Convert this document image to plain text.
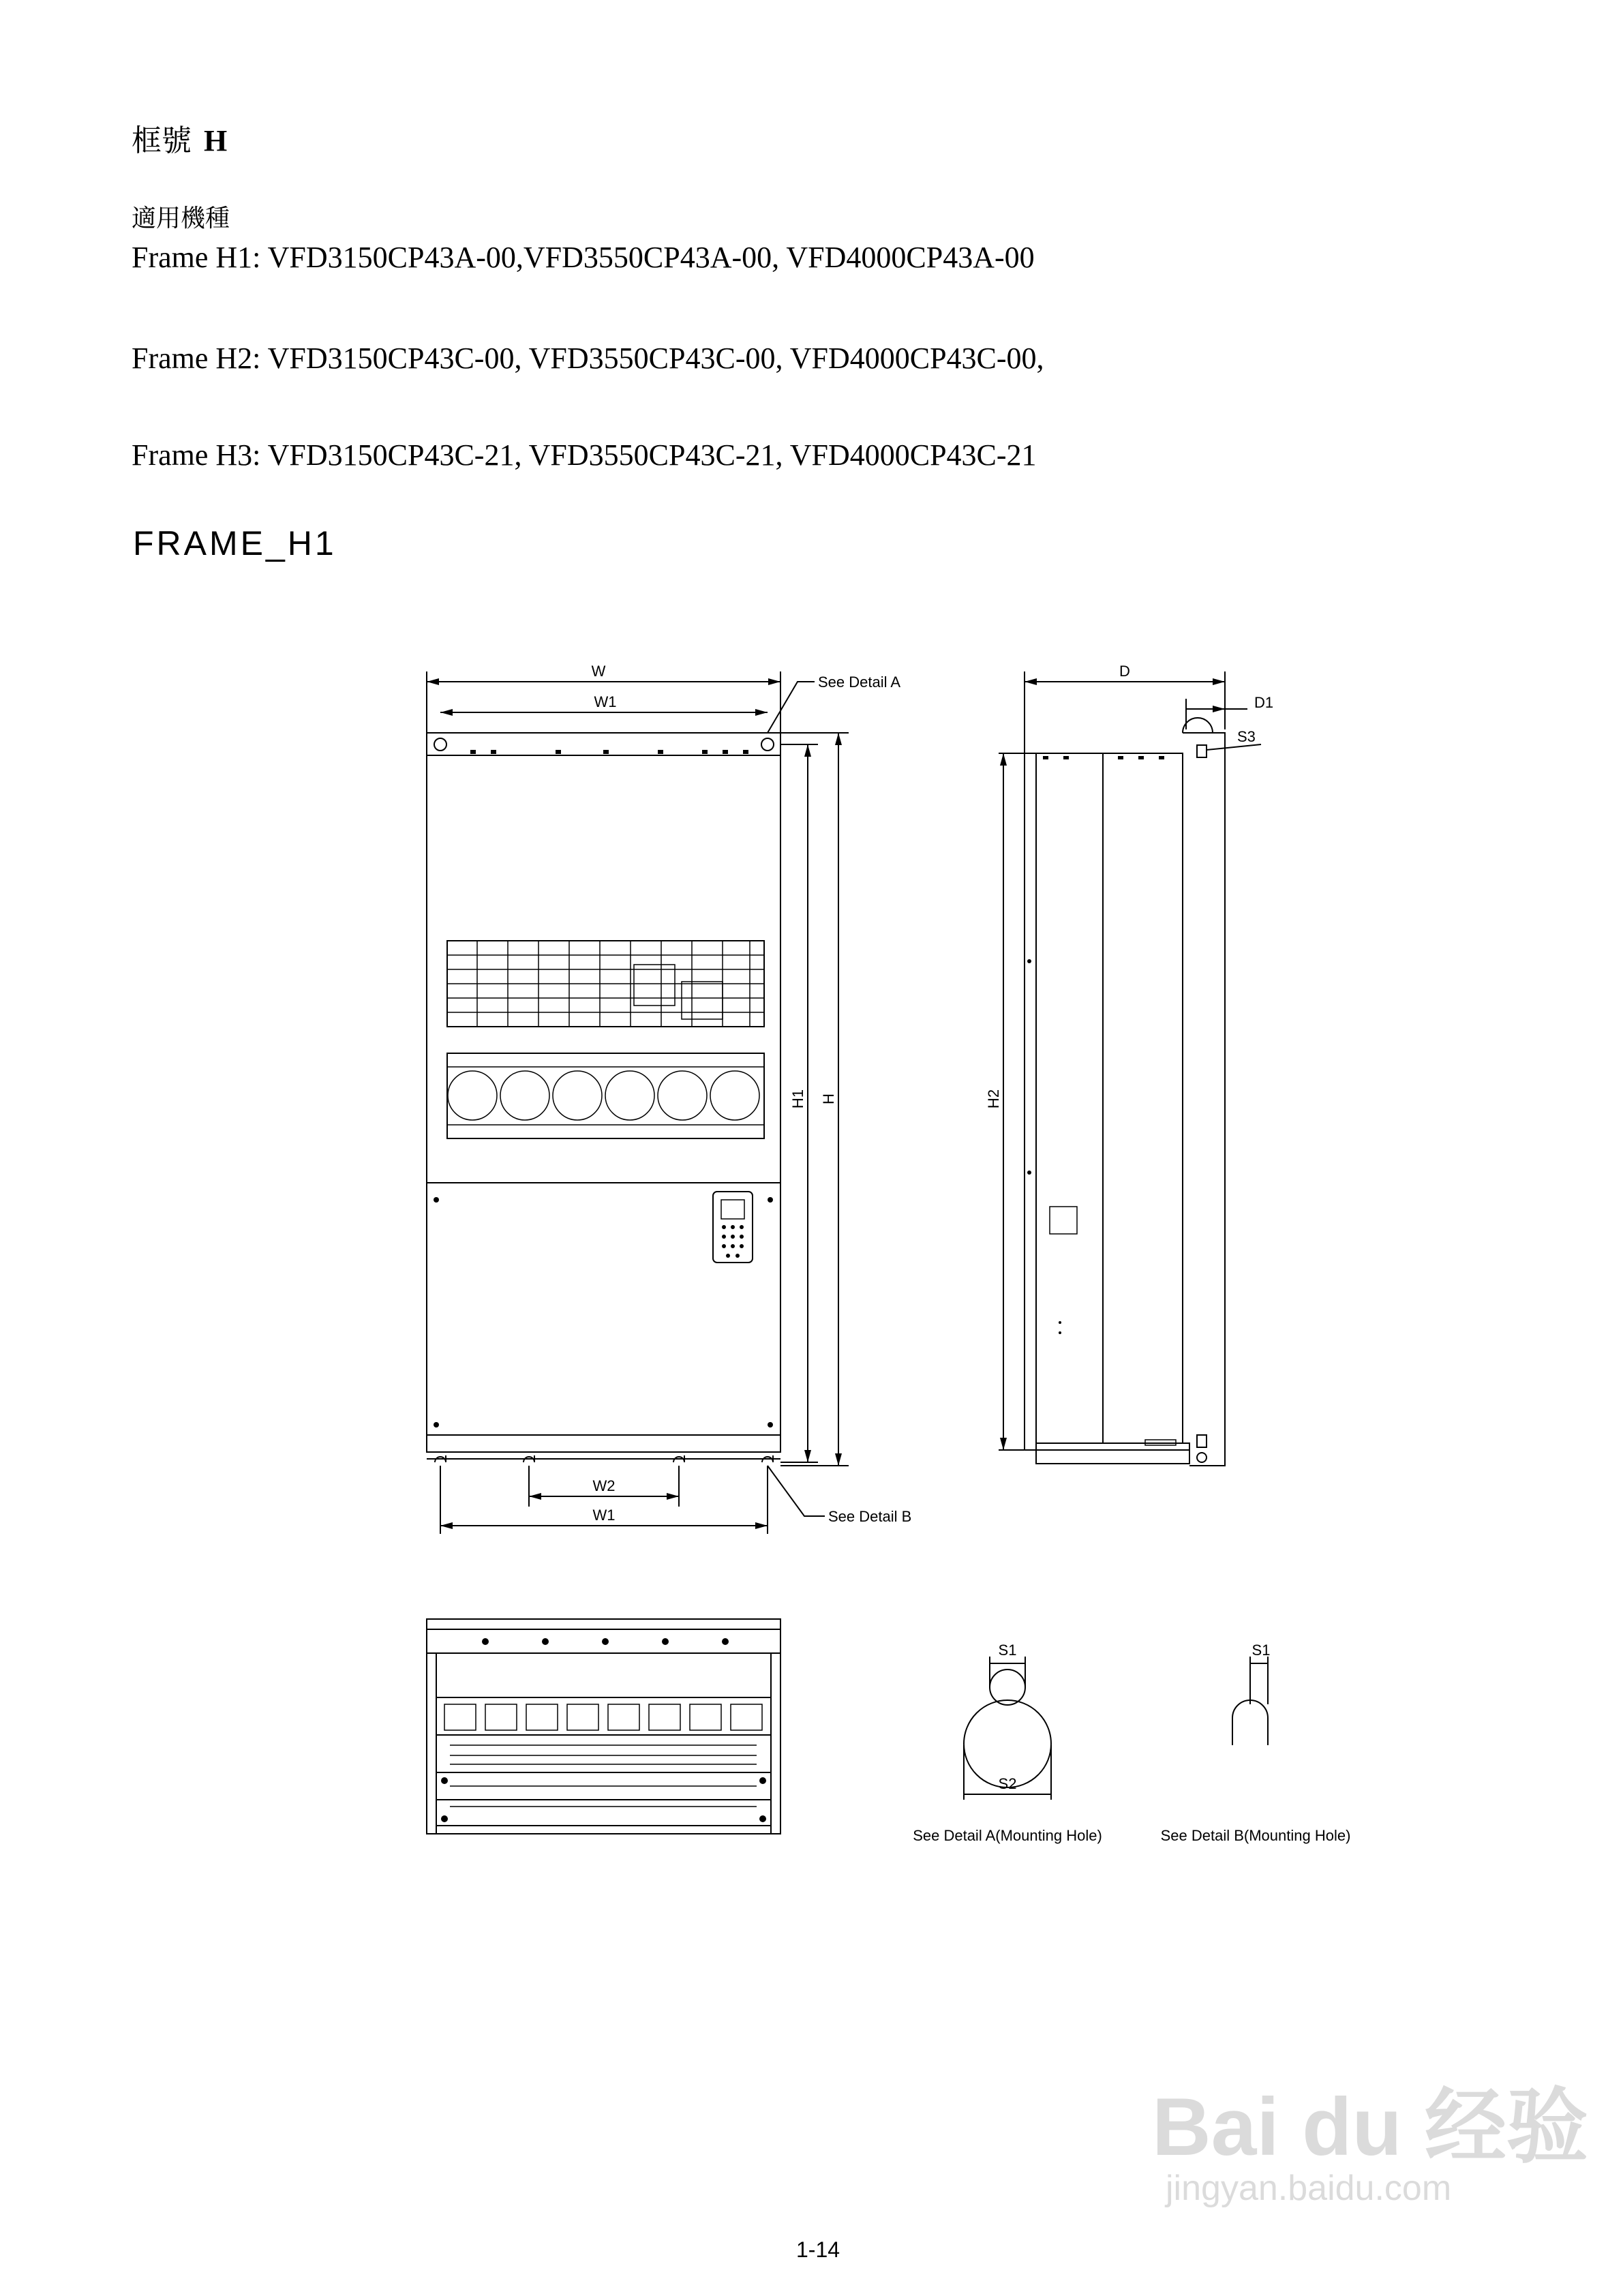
框號 H
適用機種
Frame H1: VFD3150CP43A-00,VFD3550CP43A-00, VFD4000CP43A-00
Frame H2: VFD3150CP43C-00, VFD3550CP43C-00, VFD4000CP43C-00,
Frame H3: VFD3150CP43C-21, VFD3550CP43C-21, VFD4000CP43C-21
FRAME_H1
W
W1
See Detail A
W2
W1	See Detail B
H1 H
D
D1
S3
H2
S1
S2
See Detail A(Mounting Hole)
S1
See Detail B(Mounting Hole)
Bai du 经验
jingyan.baidu.com
1-14
